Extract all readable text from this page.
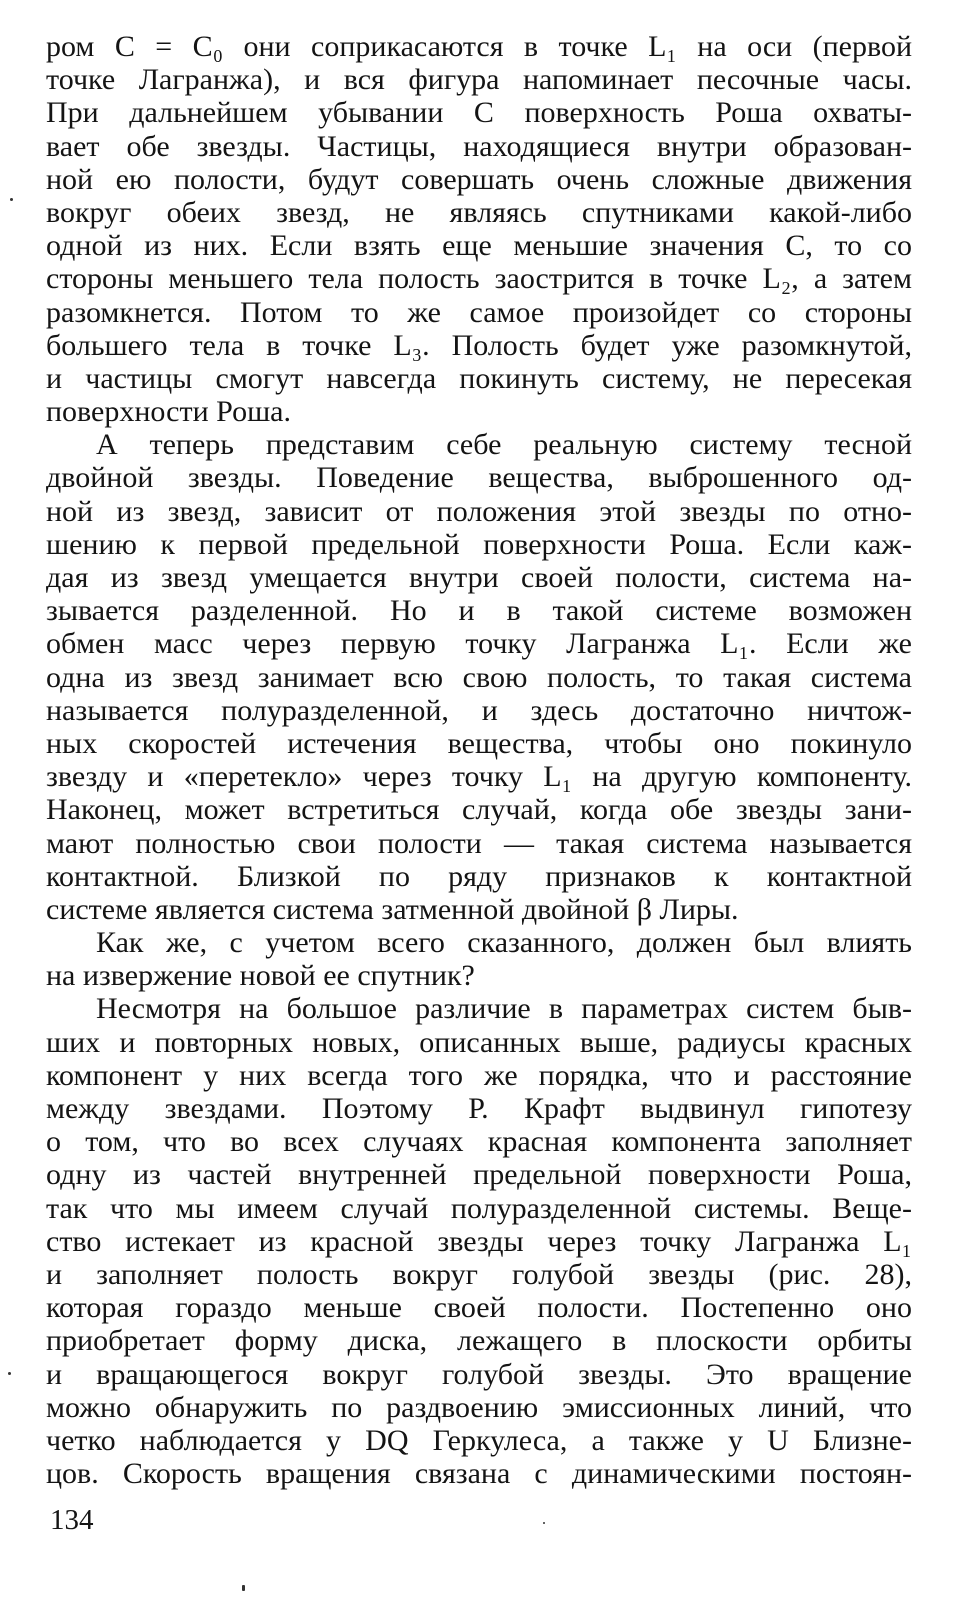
ром C = C₀ они соприкасаются в точке L₁ на оси (первой
точке Лагранжа), и вся фигура напоминает песочные часы.
При дальнейшем убывании C поверхность Роша охваты-
вает обе звезды. Частицы, находящиеся внутри образован-
ной ею полости, будут совершать очень сложные движения
вокруг обеих звезд, не являясь спутниками какой-либо
одной из них. Если взять еще меньшие значения C, то со
стороны меньшего тела полость заострится в точке L₂, а затем
разомкнется. Потом то же самое произойдет со стороны
большего тела в точке L₃. Полость будет уже разомкнутой,
и частицы смогут навсегда покинуть систему, не пересекая
поверхности Роша.
А теперь представим себе реальную систему тесной
двойной звезды. Поведение вещества, выброшенного од-
ной из звезд, зависит от положения этой звезды по отно-
шению к первой предельной поверхности Роша. Если каж-
дая из звезд умещается внутри своей полости, система на-
зывается разделенной. Но и в такой системе возможен
обмен масс через первую точку Лагранжа L₁. Если же
одна из звезд занимает всю свою полость, то такая система
называется полуразделенной, и здесь достаточно ничтож-
ных скоростей истечения вещества, чтобы оно покинуло
звезду и «перетекло» через точку L₁ на другую компоненту.
Наконец, может встретиться случай, когда обе звезды зани-
мают полностью свои полости — такая система называется
контактной. Близкой по ряду признаков к контактной
системе является система затменной двойной β Лиры.
Как же, с учетом всего сказанного, должен был влиять
на извержение новой ее спутник?
Несмотря на большое различие в параметрах систем быв-
ших и повторных новых, описанных выше, радиусы красных
компонент у них всегда того же порядка, что и расстояние
между звездами. Поэтому Р. Крафт выдвинул гипотезу
о том, что во всех случаях красная компонента заполняет
одну из частей внутренней предельной поверхности Роша,
так что мы имеем случай полуразделенной системы. Веще-
ство истекает из красной звезды через точку Лагранжа L₁
и заполняет полость вокруг голубой звезды (рис. 28),
которая гораздо меньше своей полости. Постепенно оно
приобретает форму диска, лежащего в плоскости орбиты
и вращающегося вокруг голубой звезды. Это вращение
можно обнаружить по раздвоению эмиссионных линий, что
четко наблюдается у DQ Геркулеса, а также у U Близне-
цов. Скорость вращения связана с динамическими постоян-
134
